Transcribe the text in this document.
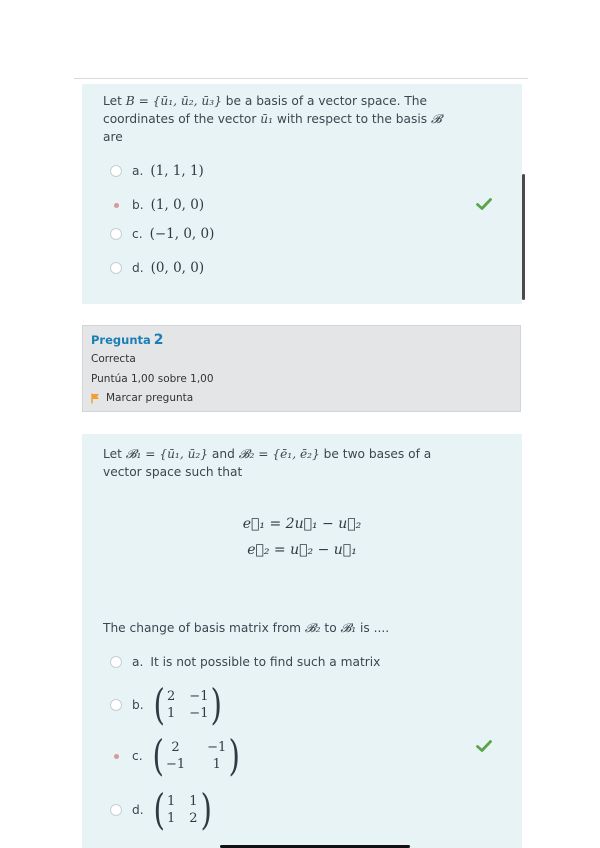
Let B = {ū₁, ū₂, ū₃} be a basis of a vector space. The
coordinates of the vector ū₁ with respect to the basis 𝓑
are
a. (1, 1, 1)
b. (1, 0, 0)
c. (−1, 0, 0)
d. (0, 0, 0)
Pregunta 2
Correcta
Puntúa 1,00 sobre 1,00
Marcar pregunta
Let 𝓑₁ = {ū₁, ū₂} and 𝓑₂ = {ē₁, ē₂} be two bases of a
vector space such that
e⃗₁ = 2u⃗₁ − u⃗₂
e⃗₂ = u⃗₂ − u⃗₁
The change of basis matrix from 𝓑₂ to 𝓑₁ is ....
a. It is not possible to find such a matrix
b. ( 2 −1
1 −1 )
c. ( 2	−1
−1	1 )
d. ( 1 1
1 2 )
